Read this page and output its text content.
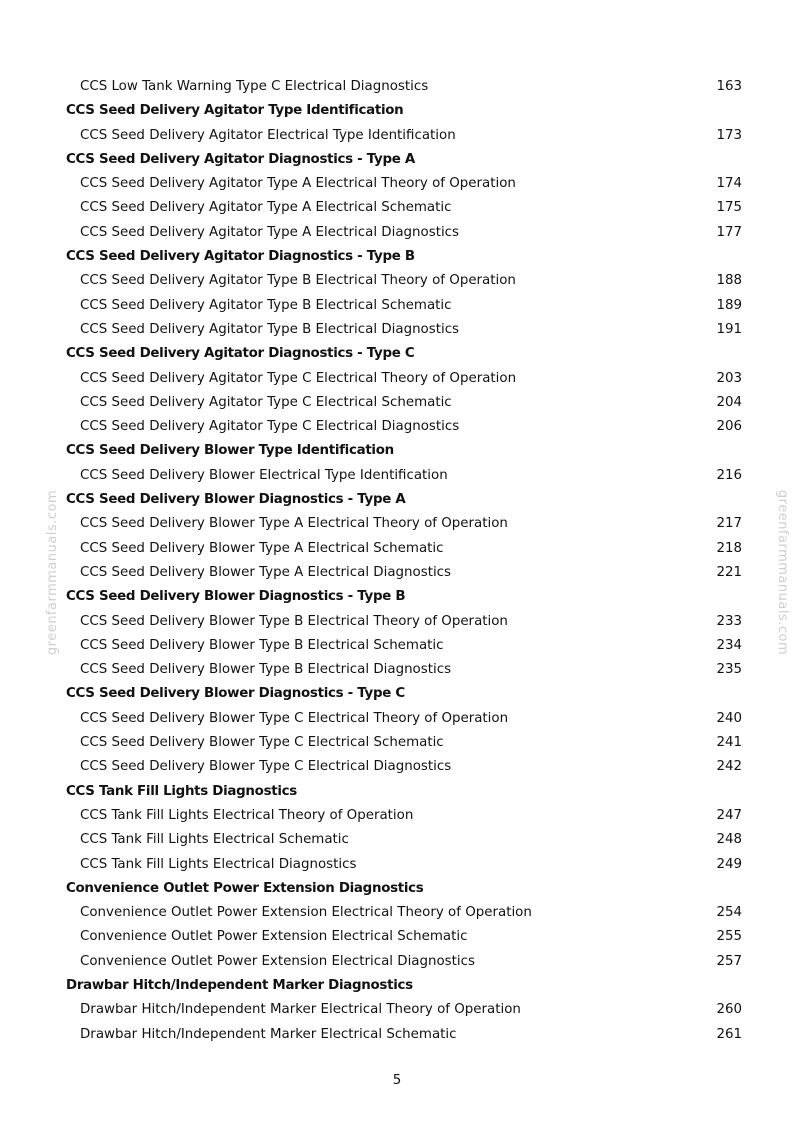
greenfarmmanuals.com	greenfarmmanuals.com
CCS Low Tank Warning Type C Electrical Diagnostics	163
CCS Seed Delivery Agitator Type Identification
CCS Seed Delivery Agitator Electrical Type Identification	173
CCS Seed Delivery Agitator Diagnostics - Type A
CCS Seed Delivery Agitator Type A Electrical Theory of Operation	174
CCS Seed Delivery Agitator Type A Electrical Schematic	175
CCS Seed Delivery Agitator Type A Electrical Diagnostics	177
CCS Seed Delivery Agitator Diagnostics - Type B
CCS Seed Delivery Agitator Type B Electrical Theory of Operation	188
CCS Seed Delivery Agitator Type B Electrical Schematic	189
CCS Seed Delivery Agitator Type B Electrical Diagnostics	191
CCS Seed Delivery Agitator Diagnostics - Type C
CCS Seed Delivery Agitator Type C Electrical Theory of Operation	203
CCS Seed Delivery Agitator Type C Electrical Schematic	204
CCS Seed Delivery Agitator Type C Electrical Diagnostics	206
CCS Seed Delivery Blower Type Identification
CCS Seed Delivery Blower Electrical Type Identification	216
CCS Seed Delivery Blower Diagnostics - Type A
CCS Seed Delivery Blower Type A Electrical Theory of Operation	217
CCS Seed Delivery Blower Type A Electrical Schematic	218
CCS Seed Delivery Blower Type A Electrical Diagnostics	221
CCS Seed Delivery Blower Diagnostics - Type B
CCS Seed Delivery Blower Type B Electrical Theory of Operation	233
CCS Seed Delivery Blower Type B Electrical Schematic	234
CCS Seed Delivery Blower Type B Electrical Diagnostics	235
CCS Seed Delivery Blower Diagnostics - Type C
CCS Seed Delivery Blower Type C Electrical Theory of Operation	240
CCS Seed Delivery Blower Type C Electrical Schematic	241
CCS Seed Delivery Blower Type C Electrical Diagnostics	242
CCS Tank Fill Lights Diagnostics
CCS Tank Fill Lights Electrical Theory of Operation	247
CCS Tank Fill Lights Electrical Schematic	248
CCS Tank Fill Lights Electrical Diagnostics	249
Convenience Outlet Power Extension Diagnostics
Convenience Outlet Power Extension Electrical Theory of Operation	254
Convenience Outlet Power Extension Electrical Schematic	255
Convenience Outlet Power Extension Electrical Diagnostics	257
Drawbar Hitch/Independent Marker Diagnostics
Drawbar Hitch/Independent Marker Electrical Theory of Operation	260
Drawbar Hitch/Independent Marker Electrical Schematic	261
5
